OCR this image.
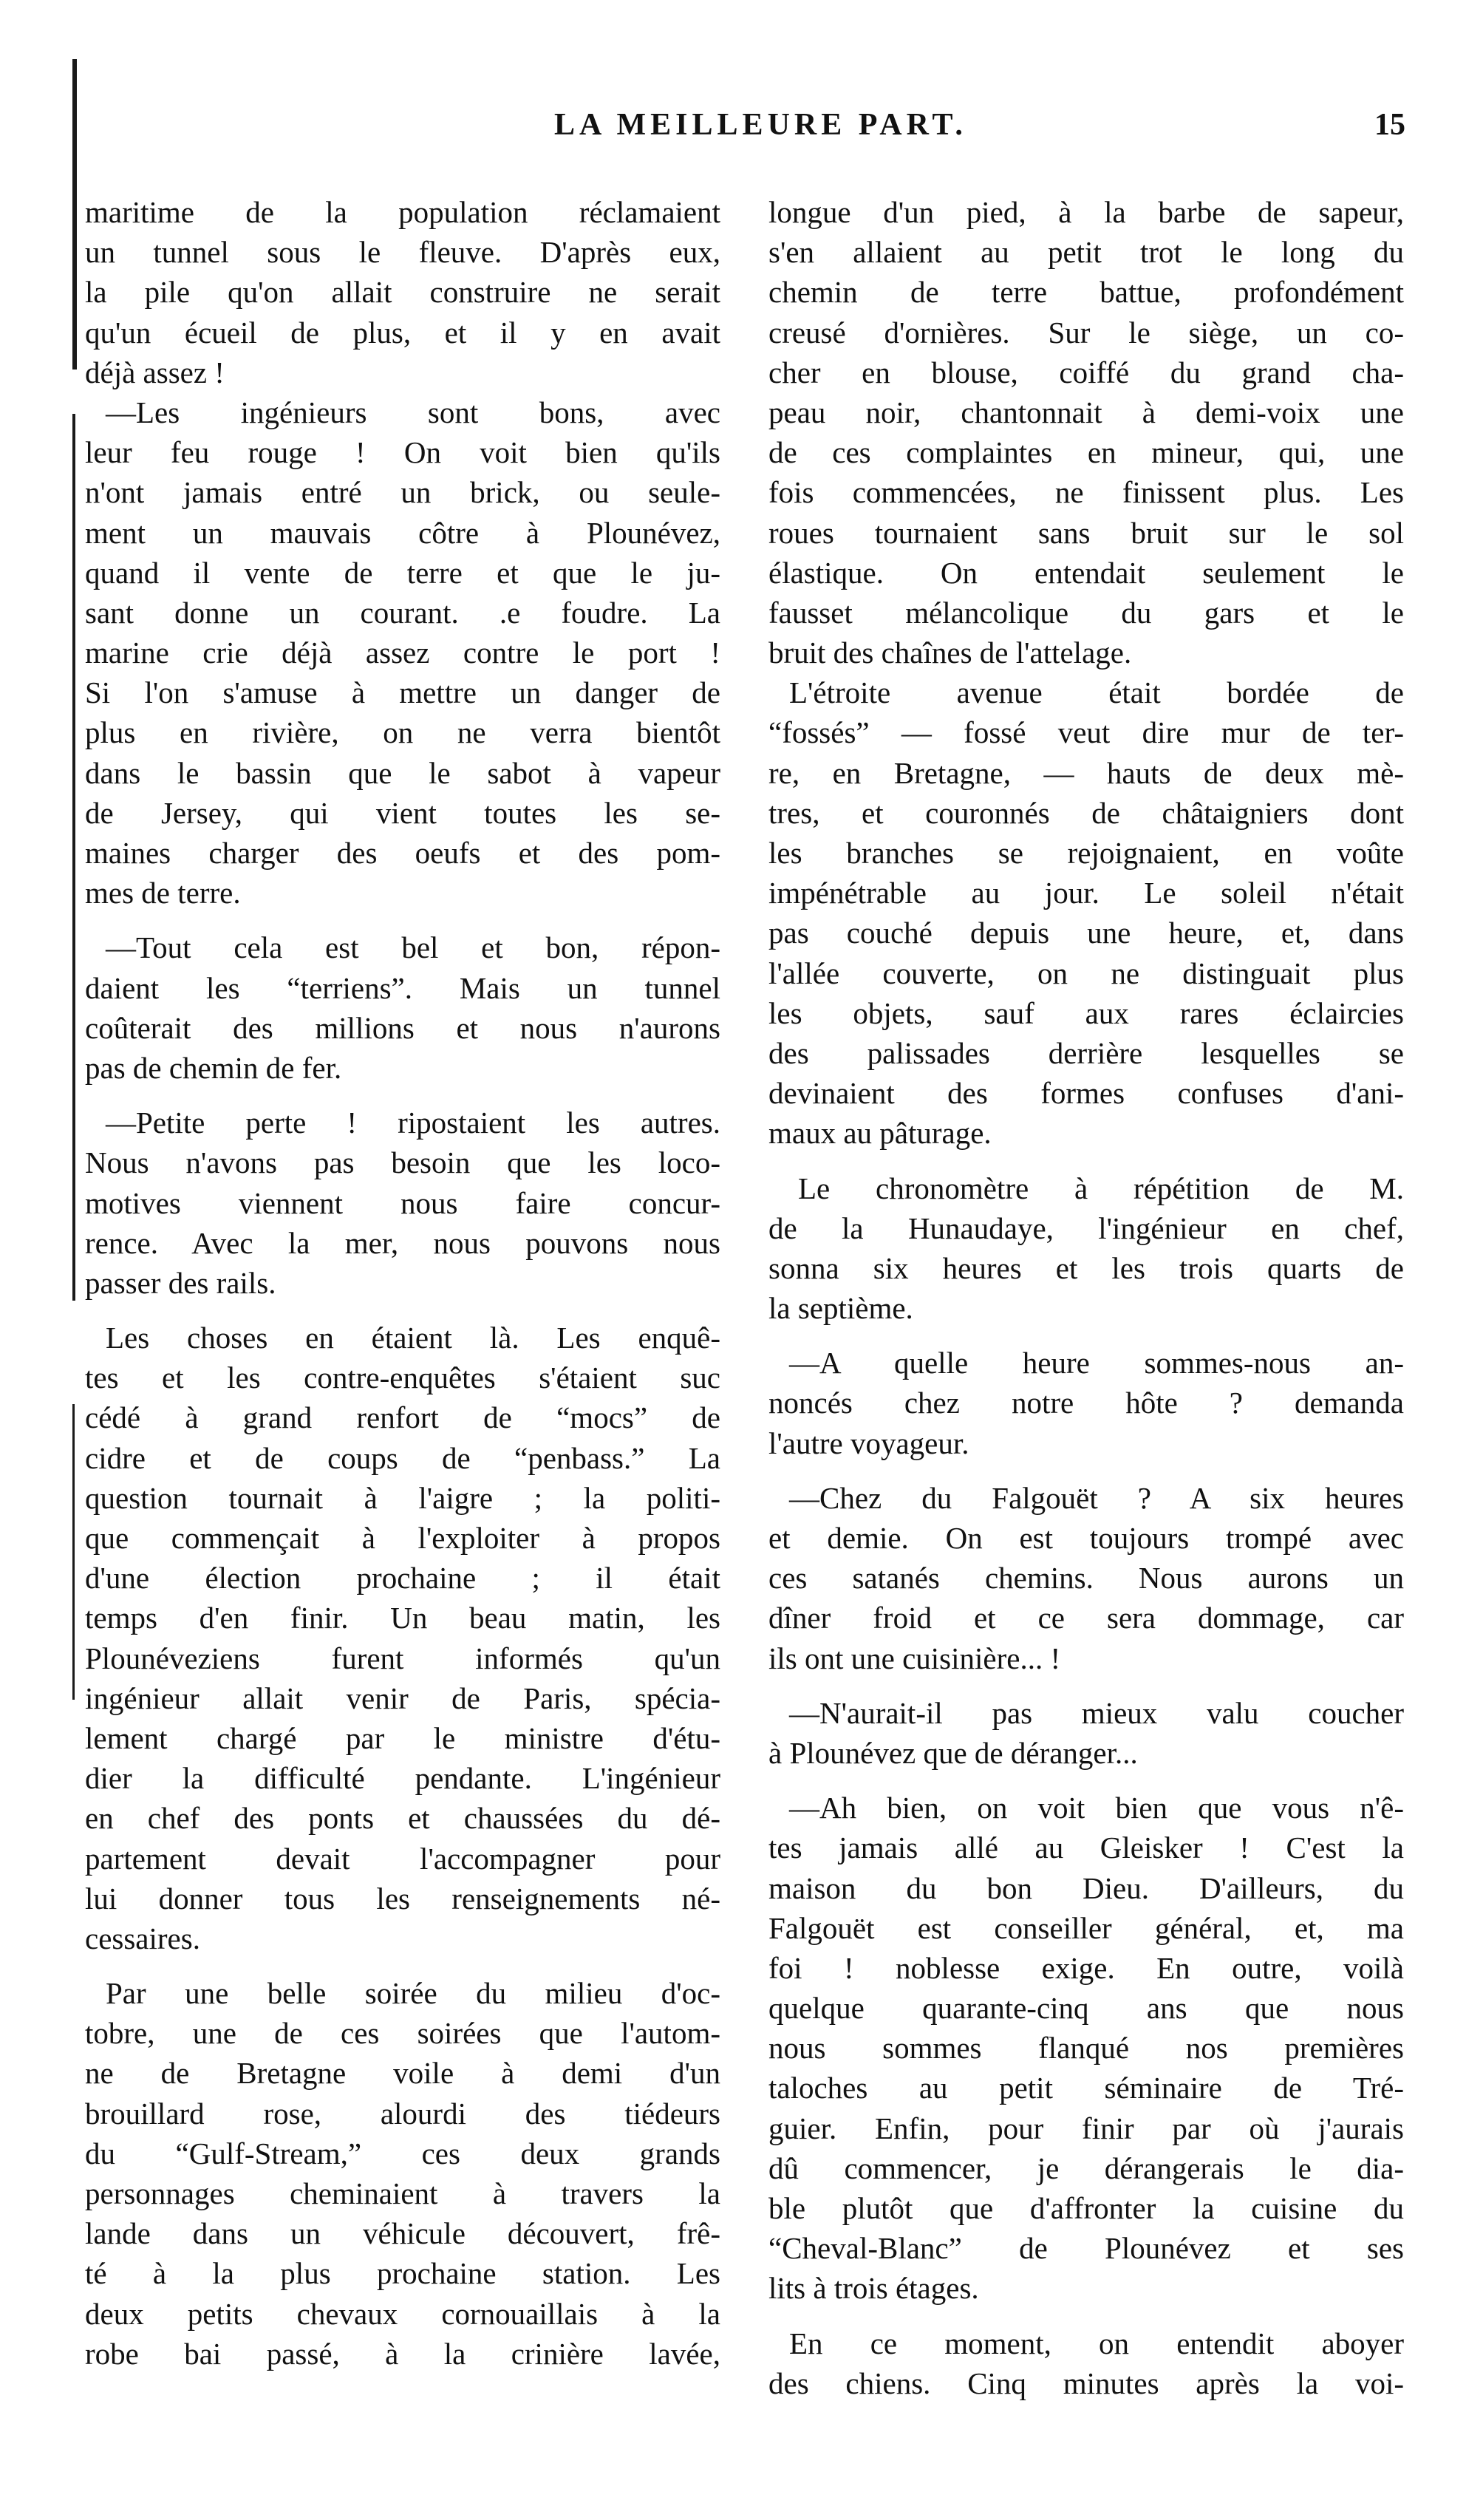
LA MEILLEURE PART.	15
maritime de la population réclamaient
un tunnel sous le fleuve. D'après eux,
la pile qu'on allait construire ne serait
qu'un écueil de plus, et il y en avait
déjà assez !
—Les ingénieurs sont bons, avec
leur feu rouge ! On voit bien qu'ils
n'ont jamais entré un brick, ou seule-
ment un mauvais côtre à Plounévez,
quand il vente de terre et que le ju-
sant donne un courant. .e foudre. La
marine crie déjà assez contre le port !
Si l'on s'amuse à mettre un danger de
plus en rivière, on ne verra bientôt
dans le bassin que le sabot à vapeur
de Jersey, qui vient toutes les se-
maines charger des oeufs et des pom-
mes de terre.
—Tout cela est bel et bon, répon-
daient les “terriens”. Mais un tunnel
coûterait des millions et nous n'aurons
pas de chemin de fer.
—Petite perte ! ripostaient les autres.
Nous n'avons pas besoin que les loco-
motives viennent nous faire concur-
rence. Avec la mer, nous pouvons nous
passer des rails.
Les choses en étaient là. Les enquê-
tes et les contre-enquêtes s'étaient suc
cédé à grand renfort de “mocs” de
cidre et de coups de “penbass.” La
question tournait à l'aigre ; la politi-
que commençait à l'exploiter à propos
d'une élection prochaine ; il était
temps d'en finir. Un beau matin, les
Plounéveziens furent informés qu'un
ingénieur allait venir de Paris, spécia-
lement chargé par le ministre d'étu-
dier la difficulté pendante. L'ingénieur
en chef des ponts et chaussées du dé-
partement devait l'accompagner pour
lui donner tous les renseignements né-
cessaires.
Par une belle soirée du milieu d'oc-
tobre, une de ces soirées que l'autom-
ne de Bretagne voile à demi d'un
brouillard rose, alourdi des tiédeurs
du “Gulf-Stream,” ces deux grands
personnages cheminaient à travers la
lande dans un véhicule découvert, frê-
té à la plus prochaine station. Les
deux petits chevaux cornouaillais à la
robe bai passé, à la crinière lavée,
longue d'un pied, à la barbe de sapeur,
s'en allaient au petit trot le long du
chemin de terre battue, profondément
creusé d'ornières. Sur le siège, un co-
cher en blouse, coiffé du grand cha-
peau noir, chantonnait à demi-voix une
de ces complaintes en mineur, qui, une
fois commencées, ne finissent plus. Les
roues tournaient sans bruit sur le sol
élastique. On entendait seulement le
fausset mélancolique du gars et le
bruit des chaînes de l'attelage.
L'étroite avenue était bordée de
“fossés” — fossé veut dire mur de ter-
re, en Bretagne, — hauts de deux mè-
tres, et couronnés de châtaigniers dont
les branches se rejoignaient, en voûte
impénétrable au jour. Le soleil n'était
pas couché depuis une heure, et, dans
l'allée couverte, on ne distinguait plus
les objets, sauf aux rares éclaircies
des palissades derrière lesquelles se
devinaient des formes confuses d'ani-
maux au pâturage.
Le chronomètre à répétition de M.
de la Hunaudaye, l'ingénieur en chef,
sonna six heures et les trois quarts de
la septième.
—A quelle heure sommes-nous an-
noncés chez notre hôte ? demanda
l'autre voyageur.
—Chez du Falgouët ? A six heures
et demie. On est toujours trompé avec
ces satanés chemins. Nous aurons un
dîner froid et ce sera dommage, car
ils ont une cuisinière... !
—N'aurait-il pas mieux valu coucher
à Plounévez que de déranger...
—Ah bien, on voit bien que vous n'ê-
tes jamais allé au Gleisker ! C'est la
maison du bon Dieu. D'ailleurs, du
Falgouët est conseiller général, et, ma
foi ! noblesse exige. En outre, voilà
quelque quarante-cinq ans que nous
nous sommes flanqué nos premières
taloches au petit séminaire de Tré-
guier. Enfin, pour finir par où j'aurais
dû commencer, je dérangerais le dia-
ble plutôt que d'affronter la cuisine du
“Cheval-Blanc” de Plounévez et ses
lits à trois étages.
En ce moment, on entendit aboyer
des chiens. Cinq minutes après la voi-
